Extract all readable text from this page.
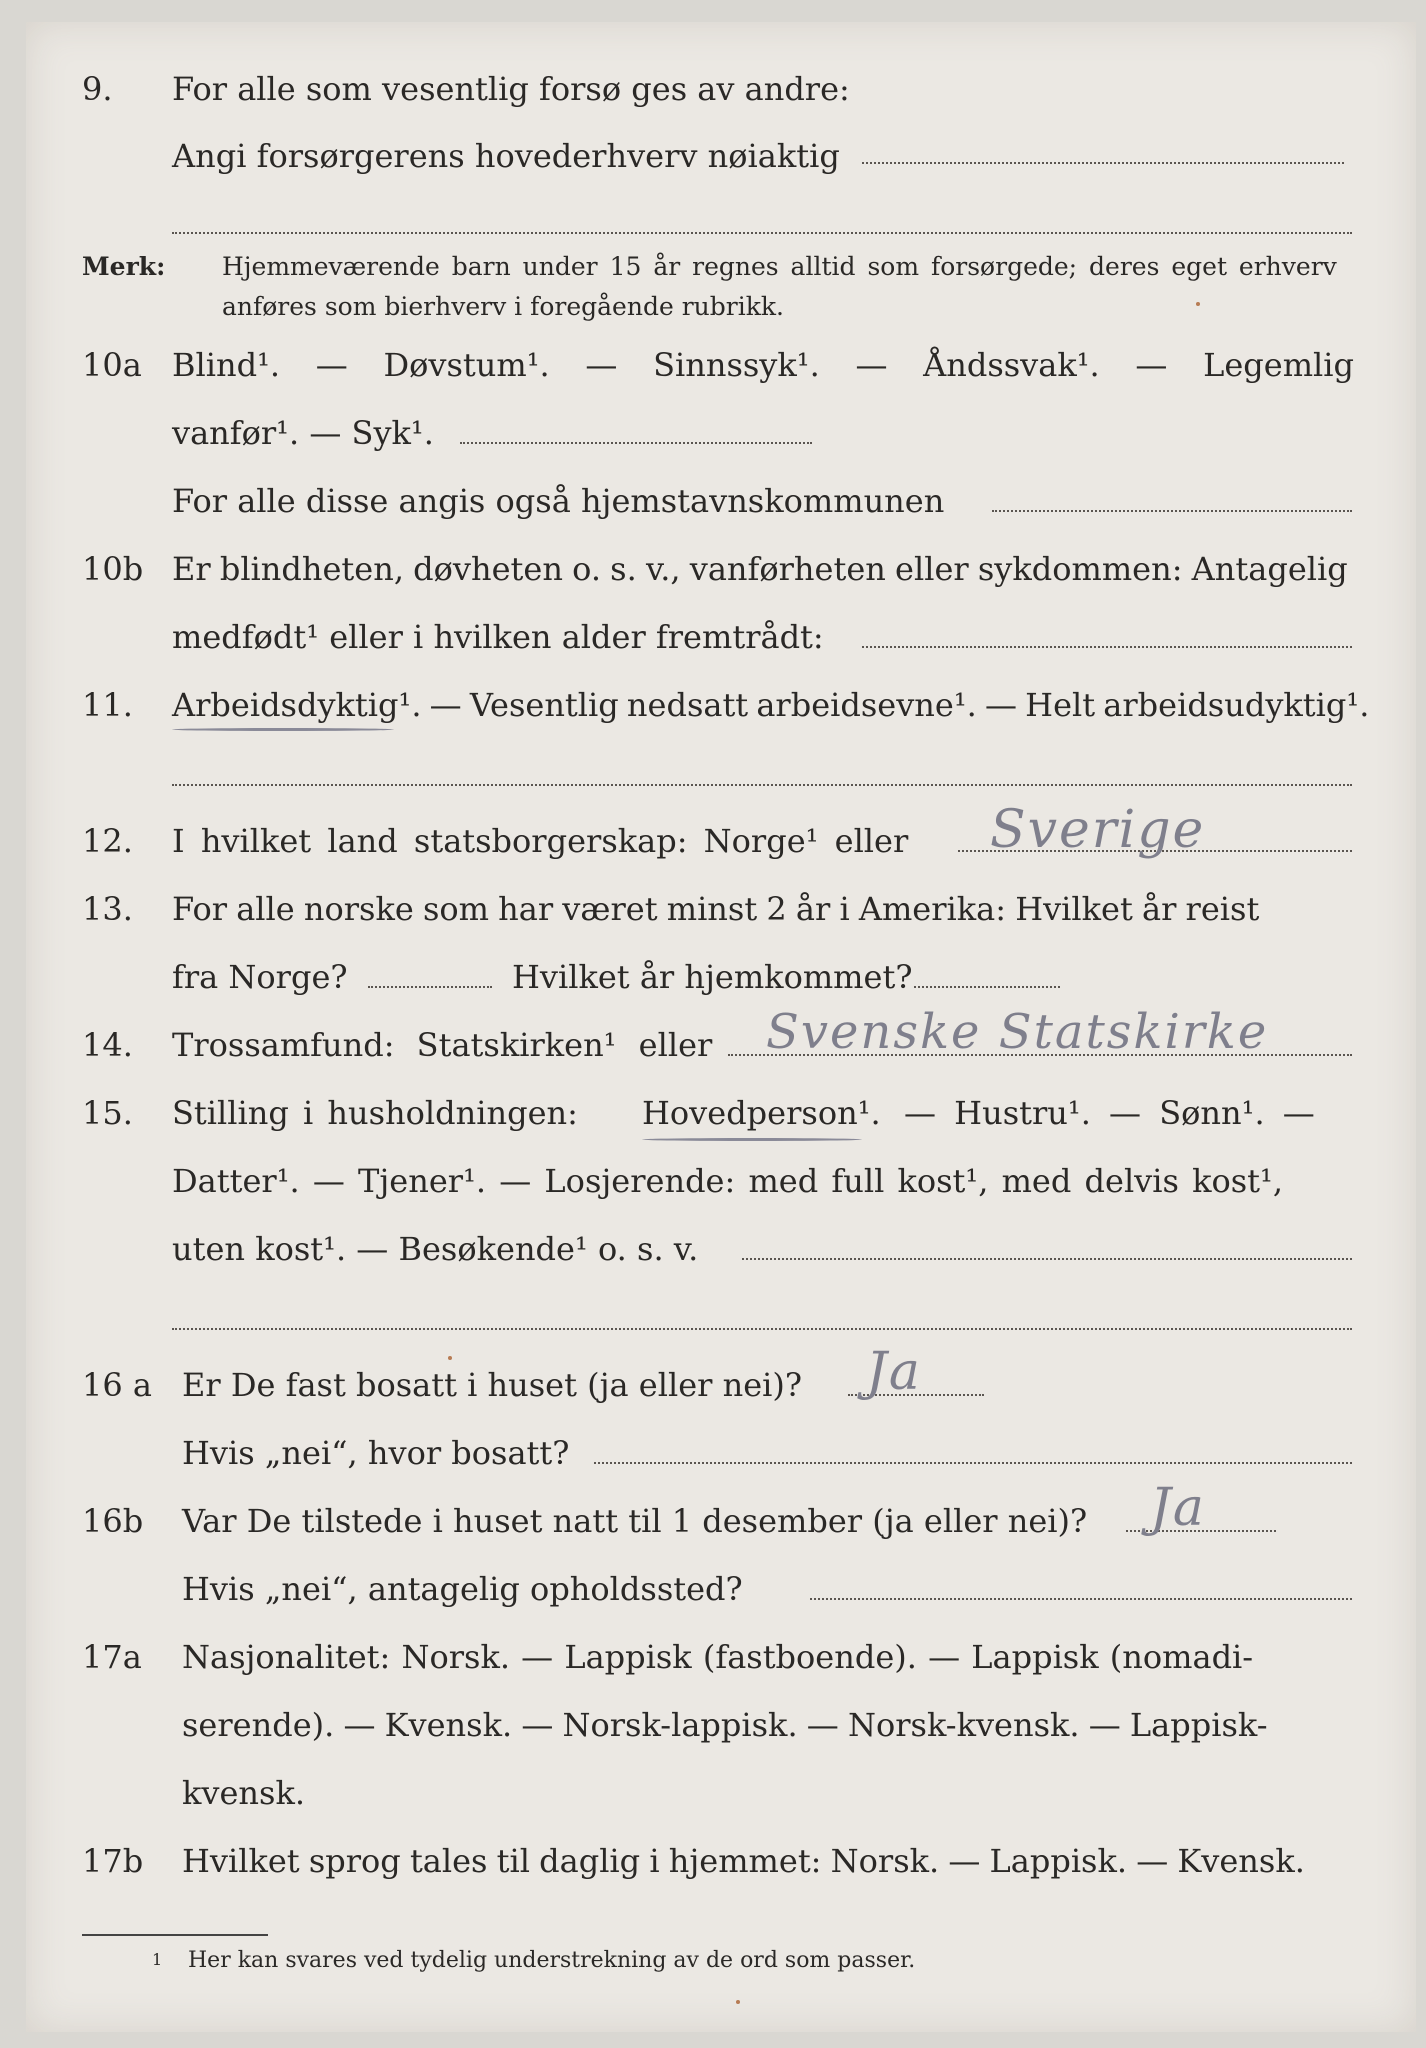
9. For alle som vesentlig forsø ges av andre:
Angi forsørgerens hovederhverv nøiaktig
Merk: Hjemmeværende barn under 15 år regnes alltid som forsørgede; deres eget erhverv
anføres som bierhverv i foregående rubrikk.
10a Blind¹. — Døvstum¹. — Sinnssyk¹. — Åndssvak¹. — Legemlig
vanfør¹. — Syk¹.
For alle disse angis også hjemstavnskommunen
10b Er blindheten, døvheten o. s. v., vanførheten eller sykdommen: Antagelig
medfødt¹ eller i hvilken alder fremtrådt:
11. Arbeidsdyktig¹. — Vesentlig nedsatt arbeidsevne¹. — Helt arbeidsudyktig¹.
12. I hvilket land statsborgerskap: Norge¹ eller Sverige
13. For alle norske som har været minst 2 år i Amerika: Hvilket år reist
fra Norge?	Hvilket år hjemkommet?
14. Trossamfund: Statskirken¹ eller Svenske Statskirke
15. Stilling i husholdningen: Hovedperson¹. — Hustru¹. — Sønn¹. —
Datter¹. — Tjener¹. — Losjerende: med full kost¹, med delvis kost¹,
uten kost¹. — Besøkende¹ o. s. v.
16 a Er De fast bosatt i huset (ja eller nei)? Ja
Hvis „nei“, hvor bosatt?
16b Var De tilstede i huset natt til 1 desember (ja eller nei)? Ja
Hvis „nei“, antagelig opholdssted?
17a Nasjonalitet: Norsk. — Lappisk (fastboende). — Lappisk (nomadi-
serende). — Kvensk. — Norsk-lappisk. — Norsk-kvensk. — Lappisk-
kvensk.
17b Hvilket sprog tales til daglig i hjemmet: Norsk. — Lappisk. — Kvensk.
1 Her kan svares ved tydelig understrekning av de ord som passer.
